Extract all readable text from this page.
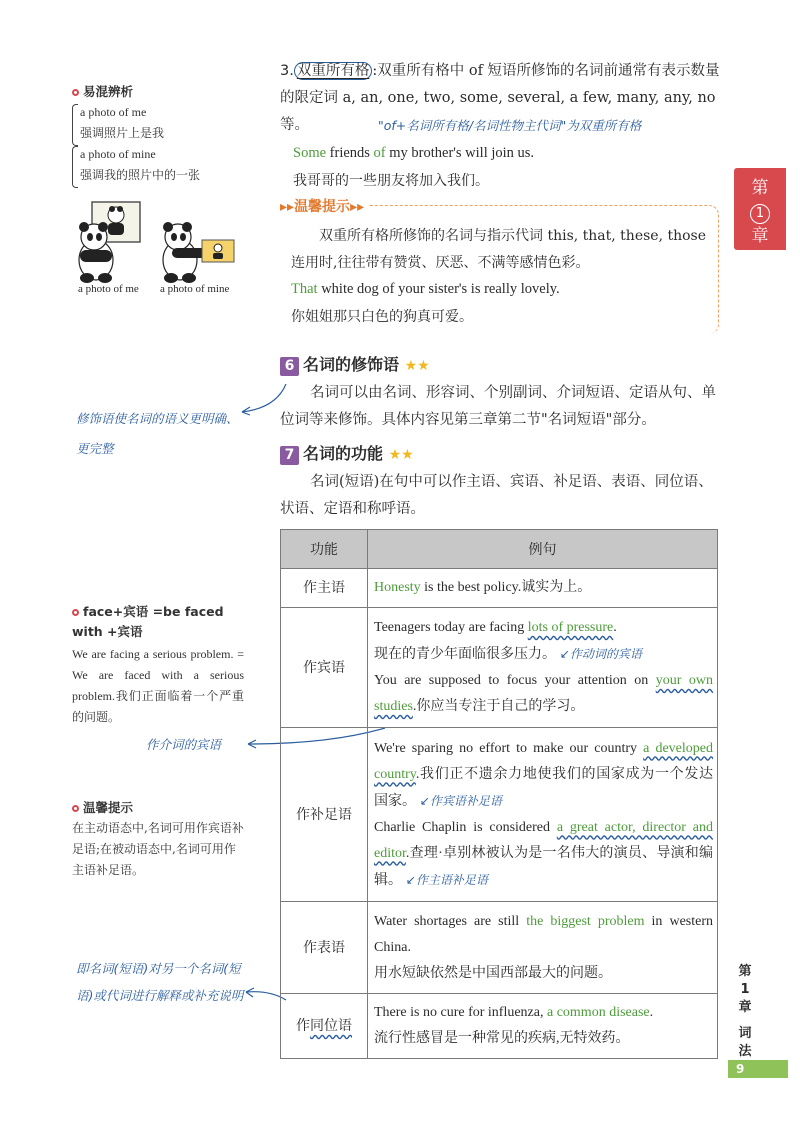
易混辨析
a photo of me
强调照片上是我
a photo of mine
强调我的照片中的一张
a photo of me a photo of mine
修饰语使名词的语义更明确、更完整
face+宾语 =be faced with +宾语
We are facing a serious problem. = We are faced with a serious problem.我们正面临着一个严重的问题。
作介词的宾语
温馨提示
在主动语态中,名词可用作宾语补足语;在被动语态中,名词可用作主语补足语。
即名词(短语)对另一个名词(短语)或代词进行解释或补充说明
3. 双重所有格 :双重所有格中 of 短语所修饰的名词前通常有表示数量的限定词 a, an, one, two, some, several, a few, many, any, no 等。	"of+名词所有格/名词性物主代词"为双重所有格
Some friends of my brother's will join us.
我哥哥的一些朋友将加入我们。
▸▸温馨提示▸▸
双重所有格所修饰的名词与指示代词 this, that, these, those 连用时,往往带有赞赏、厌恶、不满等感情色彩。
That white dog of your sister's is really lovely.
你姐姐那只白色的狗真可爱。
6 名词的修饰语 ★★
名词可以由名词、形容词、个别副词、介词短语、定语从句、单位词等来修饰。具体内容见第三章第二节"名词短语"部分。
7 名词的功能 ★★
名词(短语)在句中可以作主语、宾语、补足语、表语、同位语、状语、定语和称呼语。
功能	例句
作主语	Honesty is the best policy.诚实为上。
作宾语	Teenagers today are facing lots of pressure.
现在的青少年面临很多压力。 ↙作动词的宾语
You are supposed to focus your attention on your own studies.你应当专注于自己的学习。

作补足语	We're sparing no effort to make our country a developed country.我们正不遗余力地使我们的国家成为一个发达国家。 ↙作宾语补足语
Charlie Chaplin is considered a great actor, director and editor.查理·卓别林被认为是一名伟大的演员、导演和编辑。 ↙作主语补足语

作表语	Water shortages are still the biggest problem in western China.
用水短缺依然是中国西部最大的问题。

作同位语	There is no cure for influenza, a common disease.
流行性感冒是一种常见的疾病,无特效药。
第
1
章
第
1
章
词
法
9
